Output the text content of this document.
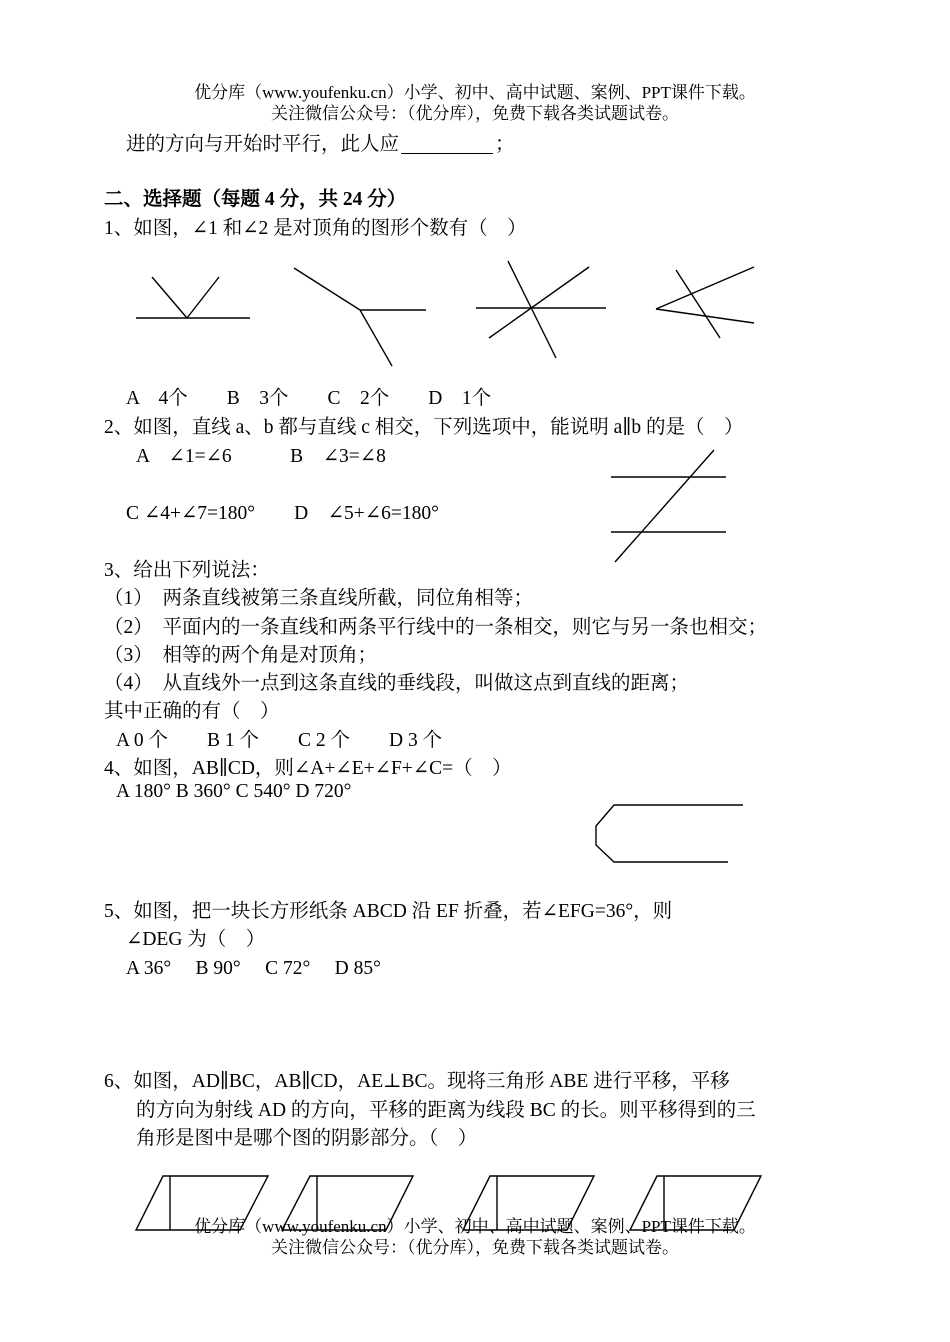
优分库（www.youfenku.cn）小学、初中、高中试题、案例、PPT课件下载。
关注微信公众号：（优分库），免费下载各类试题试卷。
进的方向与开始时平行，此人应	；
二、选择题（每题 4 分，共 24 分）
1、如图，∠1 和∠2 是对顶角的图形个数有（　）
A　4个　　B　3个　　C　2个　　D　1个
2、如图，直线 a、b 都与直线 c 相交，下列选项中，能说明 a∥b 的是（　）
A　∠1=∠6　　　B　∠3=∠8
C ∠4+∠7=180°　　D　∠5+∠6=180°
3、给出下列说法：
（1）　两条直线被第三条直线所截，同位角相等；
（2）　平面内的一条直线和两条平行线中的一条相交，则它与另一条也相交；
（3）　相等的两个角是对顶角；
（4）　从直线外一点到这条直线的垂线段，叫做这点到直线的距离；
其中正确的有（　）
A 0 个　　B 1 个　　C 2 个　　D 3 个
4、如图，AB∥CD，则∠A+∠E+∠F+∠C=（　）
A 180° B 360° C 540° D 720°
5、如图，把一块长方形纸条 ABCD 沿 EF 折叠，若∠EFG=36°，则
∠DEG 为（　）
A 36°　 B 90°　 C 72°　 D 85°
6、如图，AD∥BC，AB∥CD，AE⊥BC。现将三角形 ABE 进行平移，平移
的方向为射线 AD 的方向，平移的距离为线段 BC 的长。则平移得到的三
角形是图中是哪个图的阴影部分。（　）
优分库（www.youfenku.cn）小学、初中、高中试题、案例、PPT课件下载。
关注微信公众号：（优分库），免费下载各类试题试卷。
